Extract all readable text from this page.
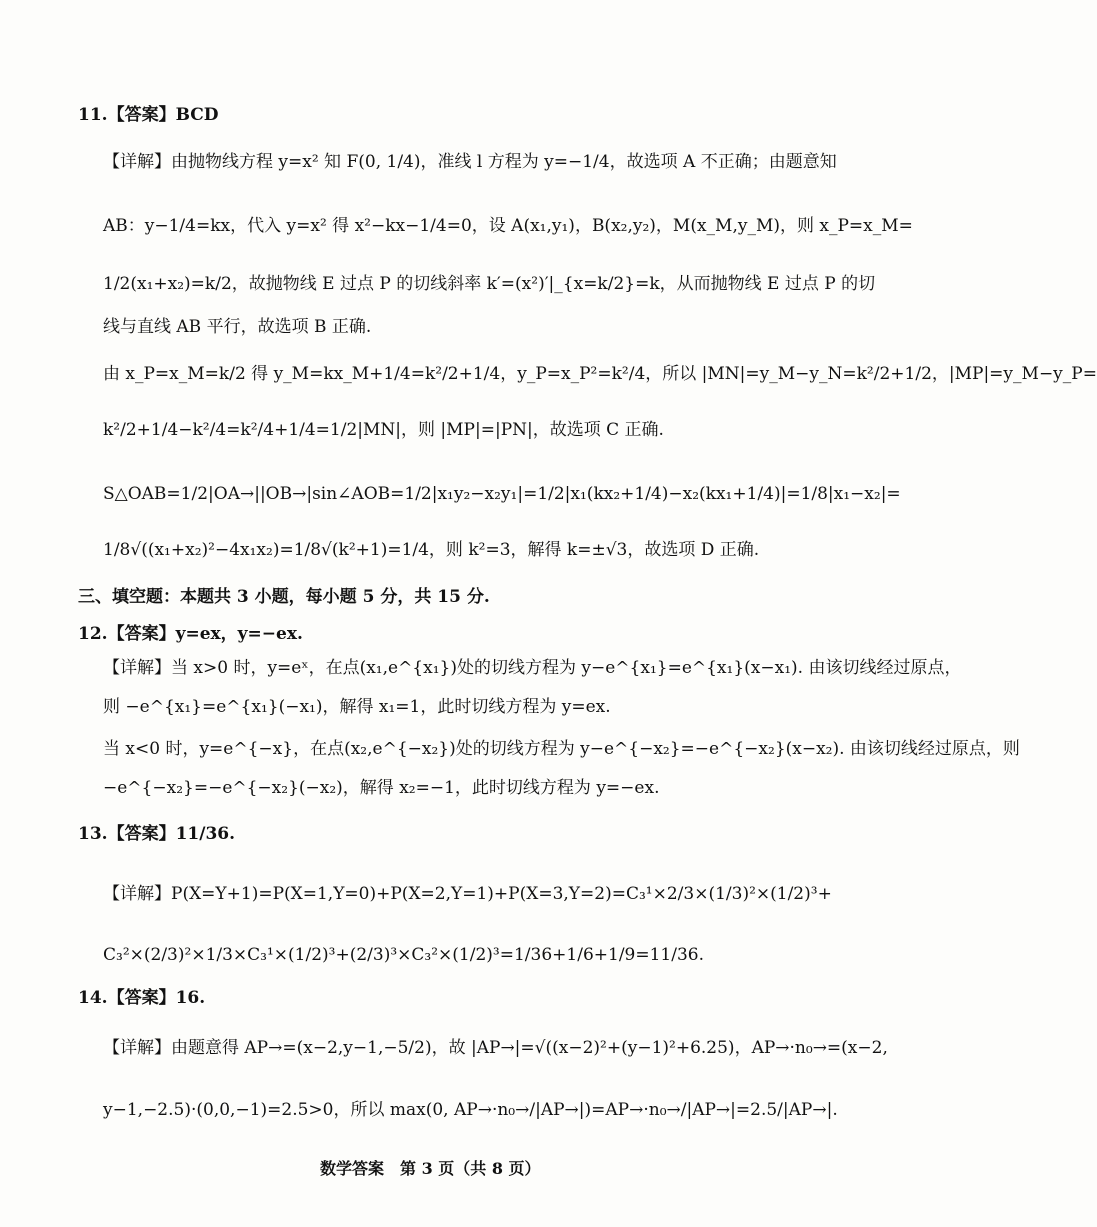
11.【答案】BCD
【详解】由抛物线方程 y=x² 知 F(0, 1/4)，准线 l 方程为 y=−1/4，故选项 A 不正确；由题意知
AB：y−1/4=kx，代入 y=x² 得 x²−kx−1/4=0，设 A(x₁,y₁)，B(x₂,y₂)，M(x_M,y_M)，则 x_P=x_M=
1/2(x₁+x₂)=k/2，故抛物线 E 过点 P 的切线斜率 k′=(x²)′|_{x=k/2}=k，从而抛物线 E 过点 P 的切
线与直线 AB 平行，故选项 B 正确.
由 x_P=x_M=k/2 得 y_M=kx_M+1/4=k²/2+1/4，y_P=x_P²=k²/4，所以 |MN|=y_M−y_N=k²/2+1/2，|MP|=y_M−y_P=
k²/2+1/4−k²/4=k²/4+1/4=1/2|MN|，则 |MP|=|PN|，故选项 C 正确.
S△OAB=1/2|OA→||OB→|sin∠AOB=1/2|x₁y₂−x₂y₁|=1/2|x₁(kx₂+1/4)−x₂(kx₁+1/4)|=1/8|x₁−x₂|=
1/8√((x₁+x₂)²−4x₁x₂)=1/8√(k²+1)=1/4，则 k²=3，解得 k=±√3，故选项 D 正确.
三、填空题：本题共 3 小题，每小题 5 分，共 15 分.
12.【答案】y=ex，y=−ex.
【详解】当 x>0 时，y=eˣ，在点(x₁,e^{x₁})处的切线方程为 y−e^{x₁}=e^{x₁}(x−x₁). 由该切线经过原点，
则 −e^{x₁}=e^{x₁}(−x₁)，解得 x₁=1，此时切线方程为 y=ex.
当 x<0 时，y=e^{−x}，在点(x₂,e^{−x₂})处的切线方程为 y−e^{−x₂}=−e^{−x₂}(x−x₂). 由该切线经过原点，则
−e^{−x₂}=−e^{−x₂}(−x₂)，解得 x₂=−1，此时切线方程为 y=−ex.
13.【答案】11/36.
【详解】P(X=Y+1)=P(X=1,Y=0)+P(X=2,Y=1)+P(X=3,Y=2)=C₃¹×2/3×(1/3)²×(1/2)³+
C₃²×(2/3)²×1/3×C₃¹×(1/2)³+(2/3)³×C₃²×(1/2)³=1/36+1/6+1/9=11/36.
14.【答案】16.
【详解】由题意得 AP→=(x−2,y−1,−5/2)，故 |AP→|=√((x−2)²+(y−1)²+6.25)，AP→·n₀→=(x−2,
y−1,−2.5)·(0,0,−1)=2.5>0，所以 max(0, AP→·n₀→/|AP→|)=AP→·n₀→/|AP→|=2.5/|AP→|.
数学答案　第 3 页（共 8 页）
